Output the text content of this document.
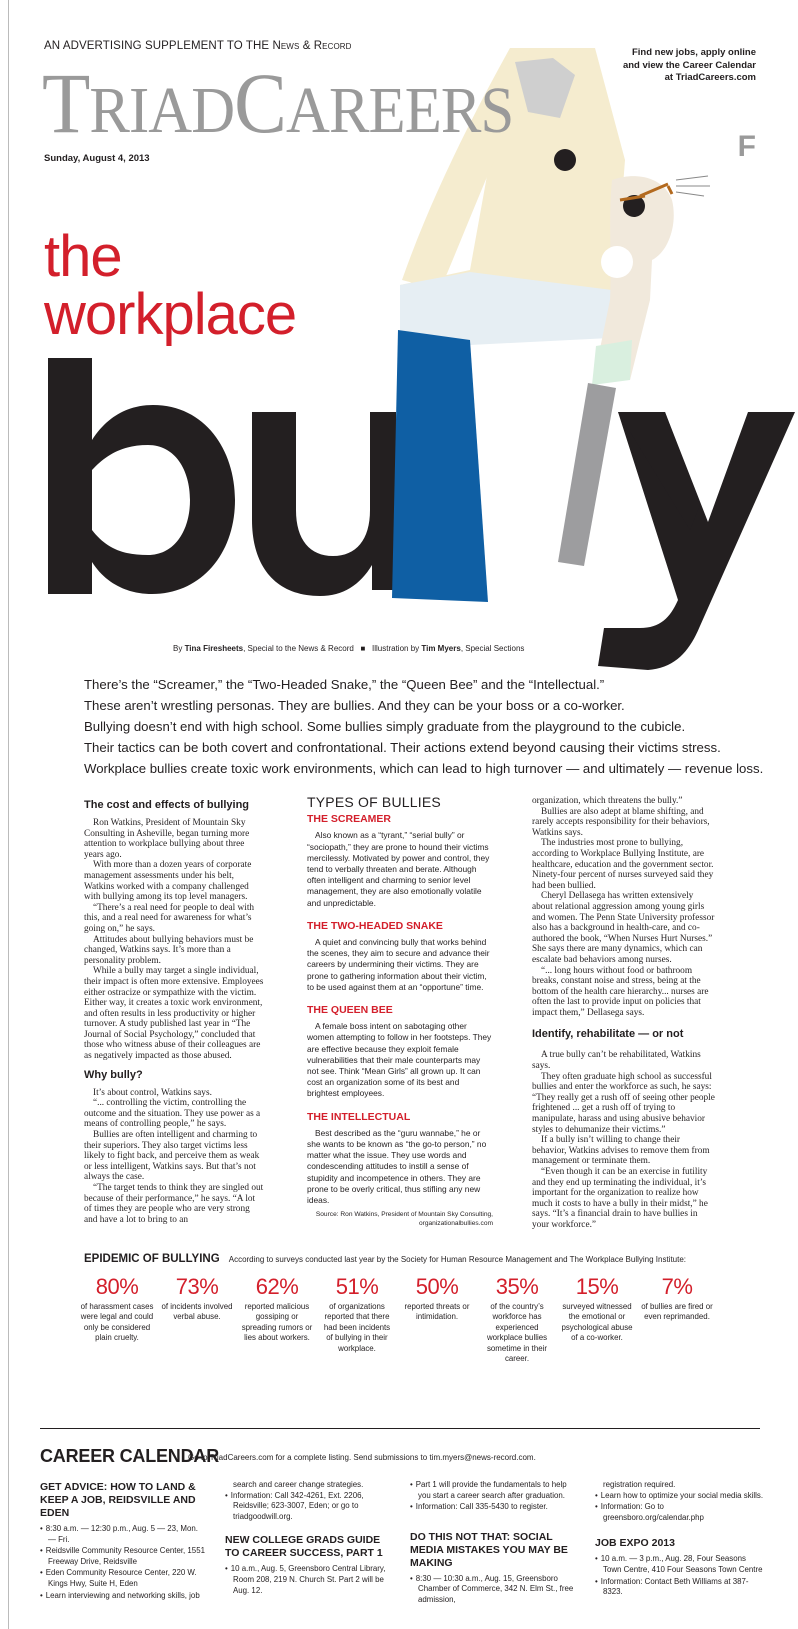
AN ADVERTISING SUPPLEMENT TO THE News & Record
TRIADCAREERS
Sunday, August 4, 2013
Find new jobs, apply online
and view the Career Calendar
at TriadCareers.com
F
the
workplace
By Tina Firesheets, Special to the News & Record ■ Illustration by Tim Myers, Special Sections

There’s the “Screamer,” the “Two-Headed Snake,” the “Queen Bee” and the “Intellectual.”

These aren’t wrestling personas. They are bullies. And they can be your boss or a co-worker.

Bullying doesn’t end with high school. Some bullies simply graduate from the playground to the cubicle.

Their tactics can be both covert and confrontational. Their actions extend beyond causing their victims stress.

Workplace bullies create toxic work environments, which can lead to high turnover — and ultimately — revenue loss.

The cost and effects of bullying

Ron Watkins, President of Mountain Sky Consulting in Asheville, began turning more attention to workplace bullying about three years ago.

With more than a dozen years of corporate management assessments under his belt, Watkins worked with a company challenged with bullying among its top level managers.

“There’s a real need for people to deal with this, and a real need for awareness for what’s going on,” he says.

Attitudes about bullying behaviors must be changed, Watkins says. It’s more than a personality problem.

While a bully may target a single individual, their impact is often more extensive. Employees either ostracize or sympathize with the victim. Either way, it creates a toxic work environment, and often results in less productivity or higher turnover. A study published last year in “The Journal of Social Psychology,” concluded that those who witness abuse of their colleagues are as negatively impacted as those abused.

Why bully?

It’s about control, Watkins says.

“... controlling the victim, controlling the outcome and the situation. They use power as a means of controlling people,” he says.

Bullies are often intelligent and charming to their superiors. They also target victims less likely to fight back, and perceive them as weak or less intelligent, Watkins says. But that’s not always the case.

“The target tends to think they are singled out because of their performance,” he says. “A lot of times they are people who are very strong and have a lot to bring to an

TYPES OF BULLIES
THE SCREAMER

Also known as a “tyrant,” “serial bully” or “sociopath,” they are prone to hound their victims mercilessly. Motivated by power and control, they tend to verbally threaten and berate. Although often intelligent and charming to senior level management, they are also emotionally volatile and unpredictable.

THE TWO-HEADED SNAKE

A quiet and convincing bully that works behind the scenes, they aim to secure and advance their careers by undermining their victims. They are prone to gathering information about their victim, to be used against them at an “opportune” time.

THE QUEEN BEE

A female boss intent on sabotaging other women attempting to follow in her footsteps. They are effective because they exploit female vulnerabilities that their male counterparts may not see. Think “Mean Girls” all grown up. It can cost an organization some of its best and brightest employees.

THE INTELLECTUAL

Best described as the “guru wannabe,” he or she wants to be known as “the go-to person,” no matter what the issue. They use words and condescending attitudes to instill a sense of stupidity and incompetence in others. They are prone to be overly critical, thus stifling any new ideas.

Source: Ron Watkins, President of Mountain Sky Consulting,
organizationalbullies.com

organization, which threatens the bully.”

Bullies are also adept at blame shifting, and rarely accepts responsibility for their behaviors, Watkins says.

The industries most prone to bullying, according to Workplace Bullying Institute, are healthcare, education and the government sector. Ninety-four percent of nurses surveyed said they had been bullied.

Cheryl Dellasega has written extensively about relational aggression among young girls and women. The Penn State University professor also has a background in health-care, and co-authored the book, “When Nurses Hurt Nurses.” She says there are many dynamics, which can escalate bad behaviors among nurses.

“... long hours without food or bathroom breaks, constant noise and stress, being at the bottom of the health care hierarchy... nurses are often the last to provide input on policies that impact them,” Dellasega says.

Identify, rehabilitate — or not

A true bully can’t be rehabilitated, Watkins says.

They often graduate high school as successful bullies and enter the workforce as such, he says: “They really get a rush off of seeing other people frightened ... get a rush off of trying to manipulate, harass and using abusive behavior styles to dehumanize their victims.”

If a bully isn’t willing to change their behavior, Watkins advises to remove them from management or terminate them.

“Even though it can be an exercise in futility and they end up terminating the individual, it’s important for the organization to realize how much it costs to have a bully in their midst,” he says. “It’s a financial drain to have bullies in your workforce.”

EPIDEMIC OF BULLYING According to surveys conducted last year by the Society for Human Resource Management and The Workplace Bullying Institute:
80%
of harassment cases were legal and could only be considered plain cruelty.
73%
of incidents involved verbal abuse.
62%
reported malicious gossiping or spreading rumors or lies about workers.
51%
of organizations reported that there had been incidents of bullying in their workplace.
50%
reported threats or intimidation.
35%
of the country’s workforce has experienced workplace bullies sometime in their career.
15%
surveyed witnessed the emotional or psychological abuse of a co-worker.
7%
of bullies are fired or even reprimanded.
CAREER CALENDAR
Go to TriadCareers.com for a complete listing. Send submissions to tim.myers@news-record.com.
GET ADVICE: HOW TO LAND & KEEP A JOB, REIDSVILLE AND EDEN
• 8:30 a.m. — 12:30 p.m., Aug. 5 — 23, Mon. — Fri.
• Reidsville Community Resource Center, 1551 Freeway Drive, Reidsville
• Eden Community Resource Center, 220 W. Kings Hwy, Suite H, Eden
• Learn interviewing and networking skills, job
search and career change strategies.
• Information: Call 342-4261, Ext. 2206, Reidsville; 623-3007, Eden; or go to triadgoodwill.org.
NEW COLLEGE GRADS GUIDE TO CAREER SUCCESS, PART 1
• 10 a.m., Aug. 5, Greensboro Central Library, Room 208, 219 N. Church St. Part 2 will be Aug. 12.
• Part 1 will provide the fundamentals to help you start a career search after graduation.
• Information: Call 335-5430 to register.
DO THIS NOT THAT: SOCIAL MEDIA MISTAKES YOU MAY BE MAKING
• 8:30 — 10:30 a.m., Aug. 15, Greensboro Chamber of Commerce, 342 N. Elm St., free admission,
registration required.
• Learn how to optimize your social media skills.
• Information: Go to greensboro.org/calendar.php
JOB EXPO 2013
• 10 a.m. — 3 p.m., Aug. 28, Four Seasons Town Centre, 410 Four Seasons Town Centre
• Information: Contact Beth Williams at 387-8323.
